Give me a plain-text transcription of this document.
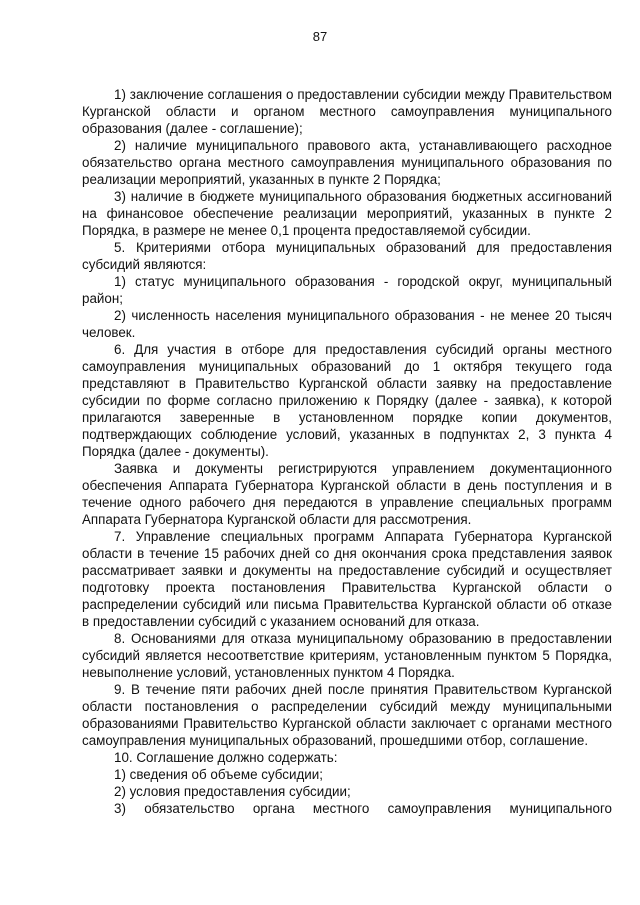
87

1) заключение соглашения о предоставлении субсидии между Правительством Курганской области и органом местного самоуправления муниципального образования (далее - соглашение);

2) наличие муниципального правового акта, устанавливающего расходное обязательство органа местного самоуправления муниципального образования по реализации мероприятий, указанных в пункте 2 Порядка;

3) наличие в бюджете муниципального образования бюджетных ассигнований на финансовое обеспечение реализации мероприятий, указанных в пункте 2 Порядка, в размере не менее 0,1 процента предоставляемой субсидии.

5. Критериями отбора муниципальных образований для предоставления субсидий являются:

1) статус муниципального образования - городской округ, муниципальный район;

2) численность населения муниципального образования - не менее 20 тысяч человек.

6. Для участия в отборе для предоставления субсидий органы местного самоуправления муниципальных образований до 1 октября текущего года представляют в Правительство Курганской области заявку на предоставление субсидии по форме согласно приложению к Порядку (далее - заявка), к которой прилагаются заверенные в установленном порядке копии документов, подтверждающих соблюдение условий, указанных в подпунктах 2, 3 пункта 4 Порядка (далее - документы).

Заявка и документы регистрируются управлением документационного обеспечения Аппарата Губернатора Курганской области в день поступления и в течение одного рабочего дня передаются в управление специальных программ Аппарата Губернатора Курганской области для рассмотрения.

7. Управление специальных программ Аппарата Губернатора Курганской области в течение 15 рабочих дней со дня окончания срока представления заявок рассматривает заявки и документы на предоставление субсидий и осуществляет подготовку проекта постановления Правительства Курганской области о распределении субсидий или письма Правительства Курганской области об отказе в предоставлении субсидий с указанием оснований для отказа.

8. Основаниями для отказа муниципальному образованию в предоставлении субсидий является несоответствие критериям, установленным пунктом 5 Порядка, невыполнение условий, установленных пунктом 4 Порядка.

9. В течение пяти рабочих дней после принятия Правительством Курганской области постановления о распределении субсидий между муниципальными образованиями Правительство Курганской области заключает с органами местного самоуправления муниципальных образований, прошедшими отбор, соглашение.

10. Соглашение должно содержать:

1) сведения об объеме субсидии;

2) условия предоставления субсидии;

3) обязательство органа местного самоуправления муниципального
